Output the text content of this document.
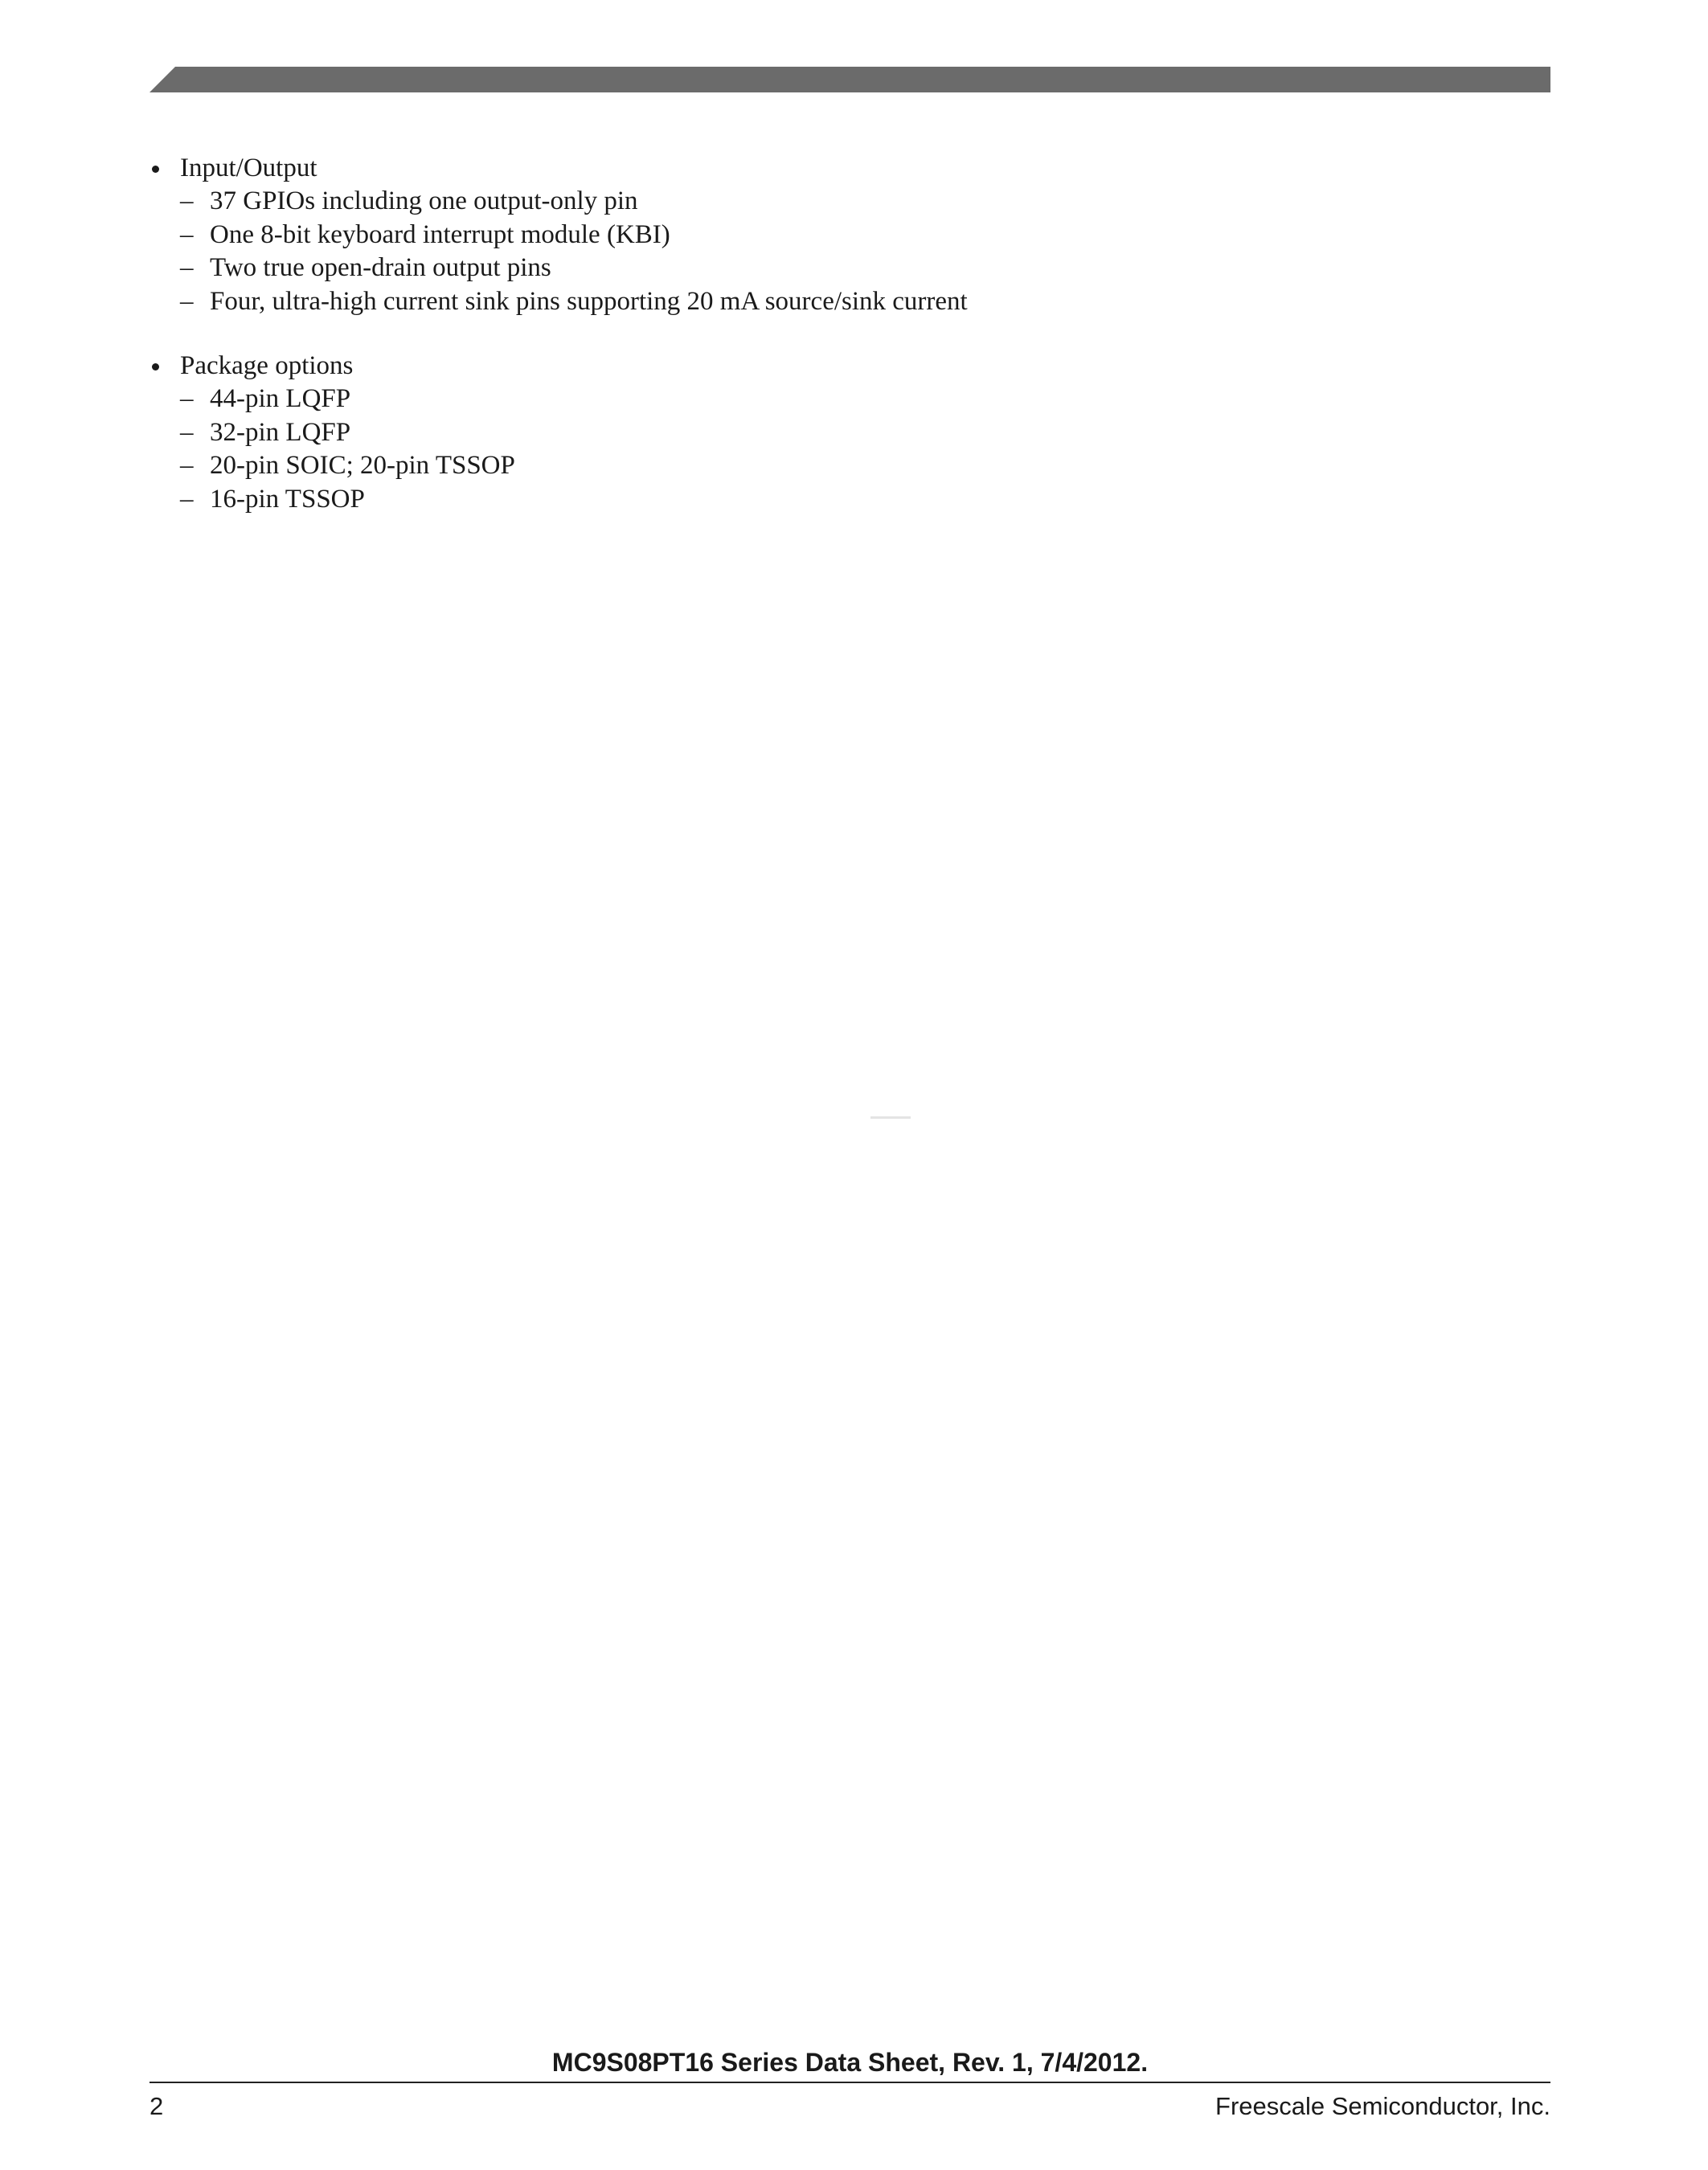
Input/Output
– 37 GPIOs including one output-only pin
– One 8-bit keyboard interrupt module (KBI)
– Two true open-drain output pins
– Four, ultra-high current sink pins supporting 20 mA source/sink current
Package options
– 44-pin LQFP
– 32-pin LQFP
– 20-pin SOIC; 20-pin TSSOP
– 16-pin TSSOP
MC9S08PT16 Series Data Sheet, Rev. 1, 7/4/2012.
2	Freescale Semiconductor, Inc.
